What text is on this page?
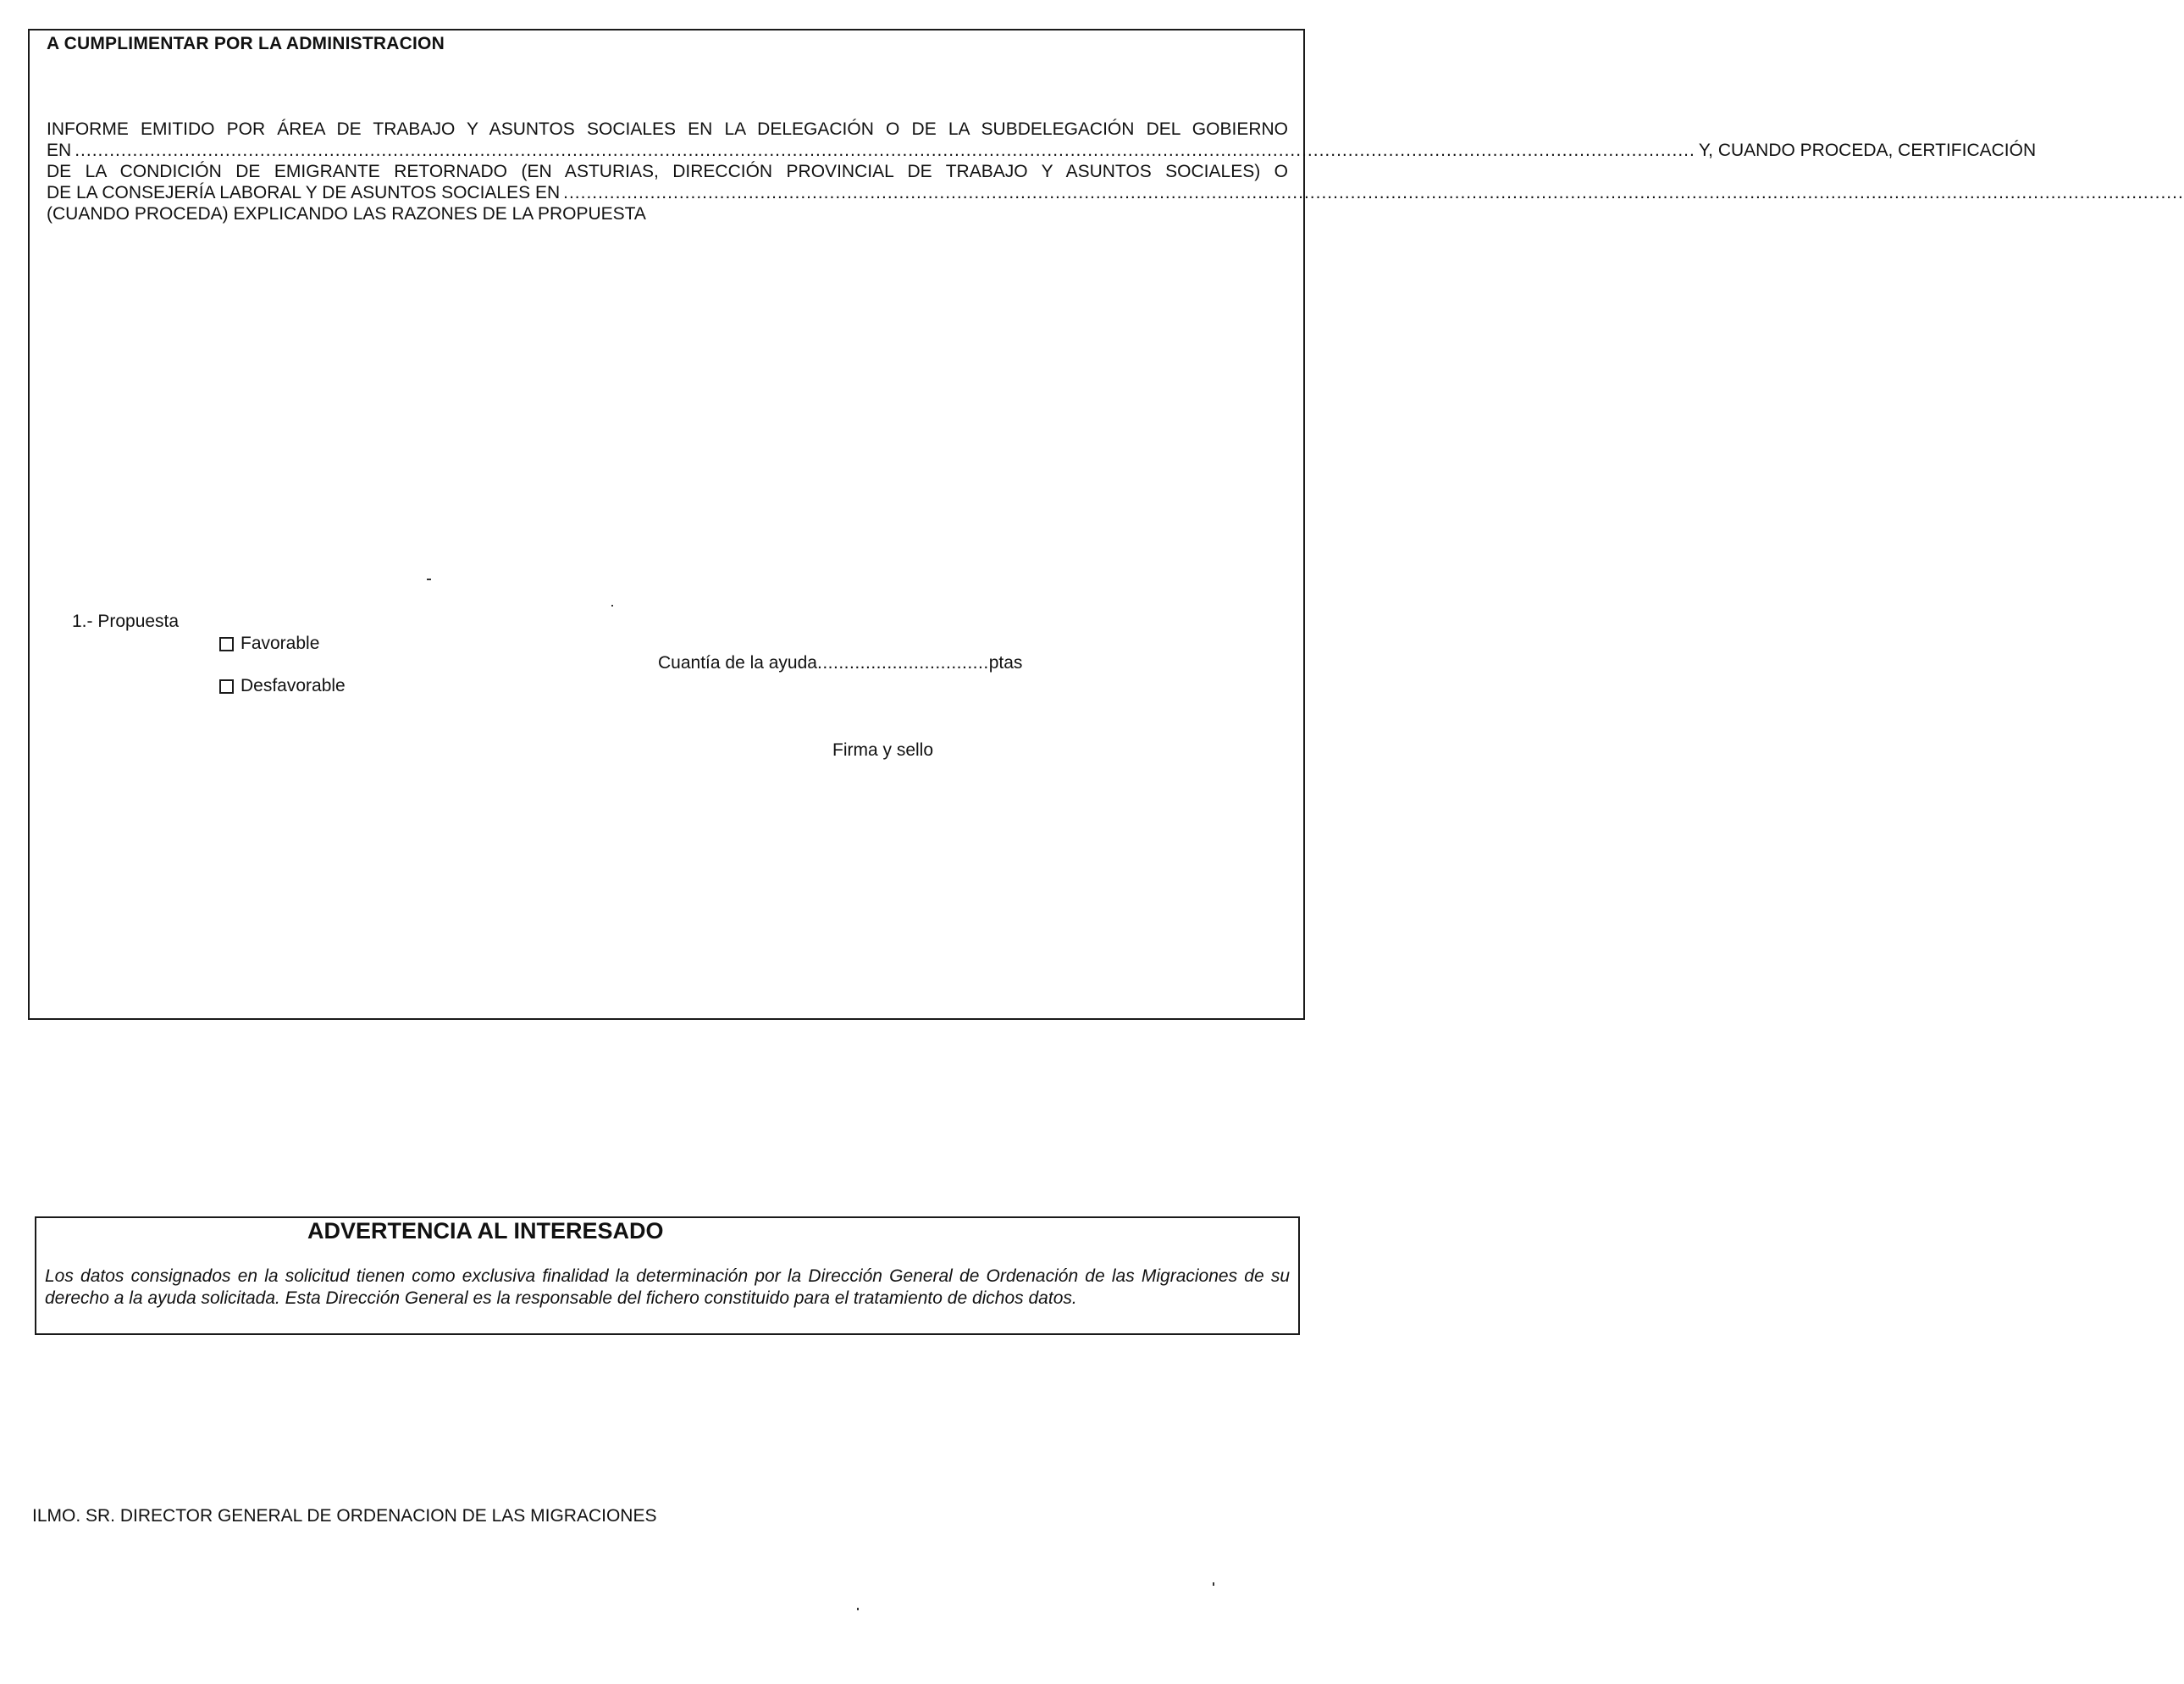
A CUMPLIMENTAR POR LA ADMINISTRACION
INFORME EMITIDO POR ÁREA DE TRABAJO Y ASUNTOS SOCIALES EN LA DELEGACIÓN O DE LA SUBDELEGACIÓN DEL GOBIERNO
EN ........................................................................................................................................................................................................................................................................................ Y, CUANDO PROCEDA, CERTIFICACIÓN
DE LA CONDICIÓN DE EMIGRANTE RETORNADO (EN ASTURIAS, DIRECCIÓN PROVINCIAL DE TRABAJO Y ASUNTOS SOCIALES) O
DE LA CONSEJERÍA LABORAL Y DE ASUNTOS SOCIALES EN ........................................................................................................................................................................................................................................................................................
(CUANDO PROCEDA) EXPLICANDO LAS RAZONES DE LA PROPUESTA
1.- Propuesta
Favorable
Desfavorable
Cuantía de la ayuda................................ptas
Firma y sello
ADVERTENCIA AL INTERESADO
Los datos consignados en la solicitud tienen como exclusiva finalidad la determinación por la Dirección General de Ordenación de las Migraciones de su derecho a la ayuda solicitada. Esta Dirección General es la responsable del fichero constituido para el tratamiento de dichos datos.
ILMO. SR. DIRECTOR GENERAL DE ORDENACION DE LAS MIGRACIONES
